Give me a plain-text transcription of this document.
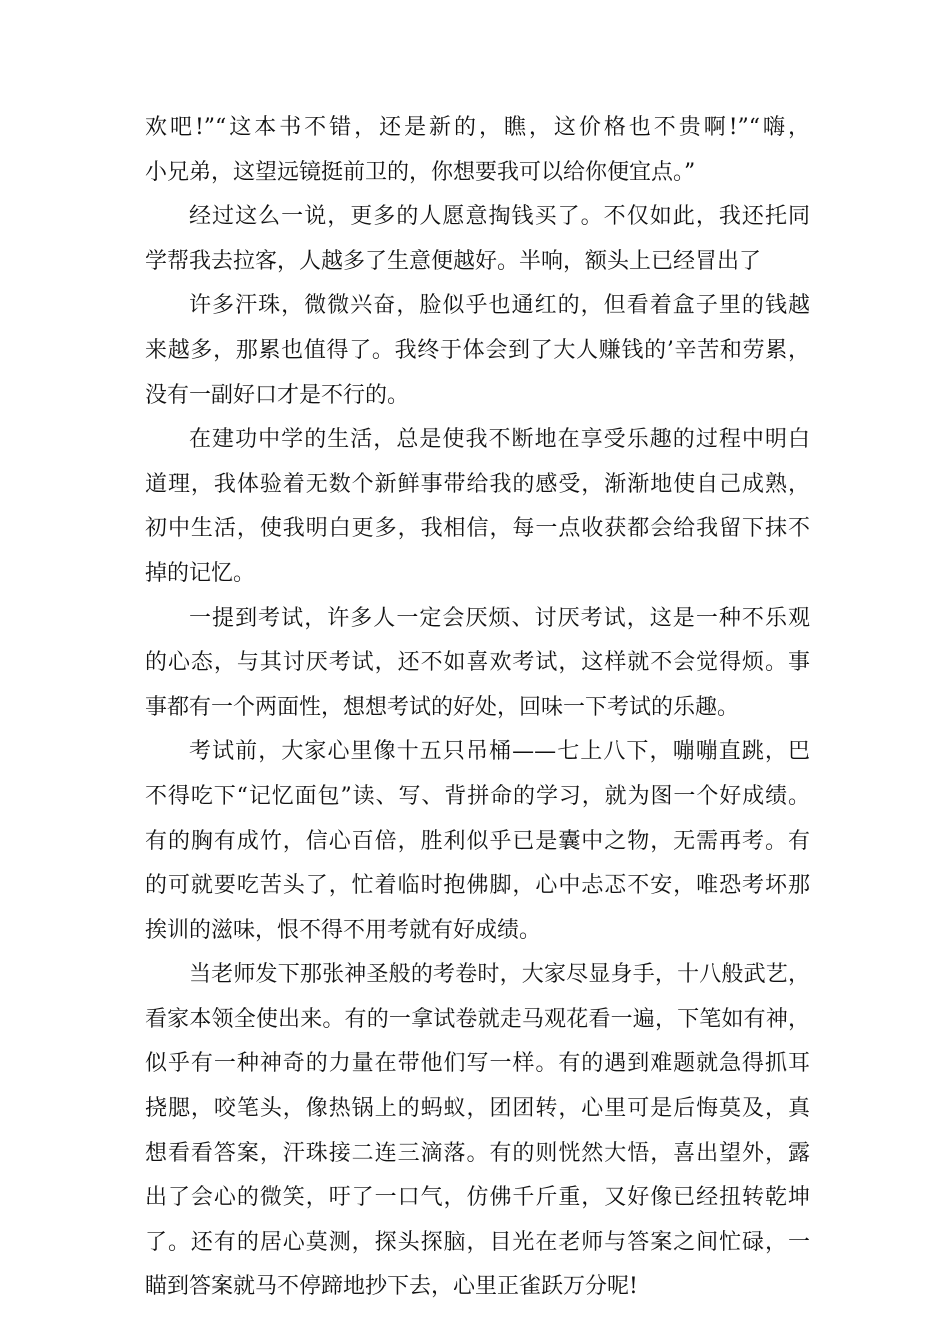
欢吧!”“这本书不错，还是新的，瞧，这价格也不贵啊!”“嗨，
小兄弟，这望远镜挺前卫的，你想要我可以给你便宜点。”
经过这么一说，更多的人愿意掏钱买了。不仅如此，我还托同
学帮我去拉客，人越多了生意便越好。半响，额头上已经冒出了
许多汗珠，微微兴奋，脸似乎也通红的，但看着盒子里的钱越
来越多，那累也值得了。我终于体会到了大人赚钱的’辛苦和劳累，
没有一副好口才是不行的。
在建功中学的生活，总是使我不断地在享受乐趣的过程中明白
道理，我体验着无数个新鲜事带给我的感受，渐渐地使自己成熟，
初中生活，使我明白更多，我相信，每一点收获都会给我留下抹不
掉的记忆。
一提到考试，许多人一定会厌烦、讨厌考试，这是一种不乐观
的心态，与其讨厌考试，还不如喜欢考试，这样就不会觉得烦。事
事都有一个两面性，想想考试的好处，回味一下考试的乐趣。
考试前，大家心里像十五只吊桶——七上八下，嘣嘣直跳，巴
不得吃下“记忆面包”读、写、背拼命的学习，就为图一个好成绩。
有的胸有成竹，信心百倍，胜利似乎已是囊中之物，无需再考。有
的可就要吃苦头了，忙着临时抱佛脚，心中忐忑不安，唯恐考坏那
挨训的滋味，恨不得不用考就有好成绩。
当老师发下那张神圣般的考卷时，大家尽显身手，十八般武艺，
看家本领全使出来。有的一拿试卷就走马观花看一遍，下笔如有神，
似乎有一种神奇的力量在带他们写一样。有的遇到难题就急得抓耳
挠腮，咬笔头，像热锅上的蚂蚁，团团转，心里可是后悔莫及，真
想看看答案，汗珠接二连三滴落。有的则恍然大悟，喜出望外，露
出了会心的微笑，吁了一口气，仿佛千斤重，又好像已经扭转乾坤
了。还有的居心莫测，探头探脑，目光在老师与答案之间忙碌，一
瞄到答案就马不停蹄地抄下去，心里正雀跃万分呢!
